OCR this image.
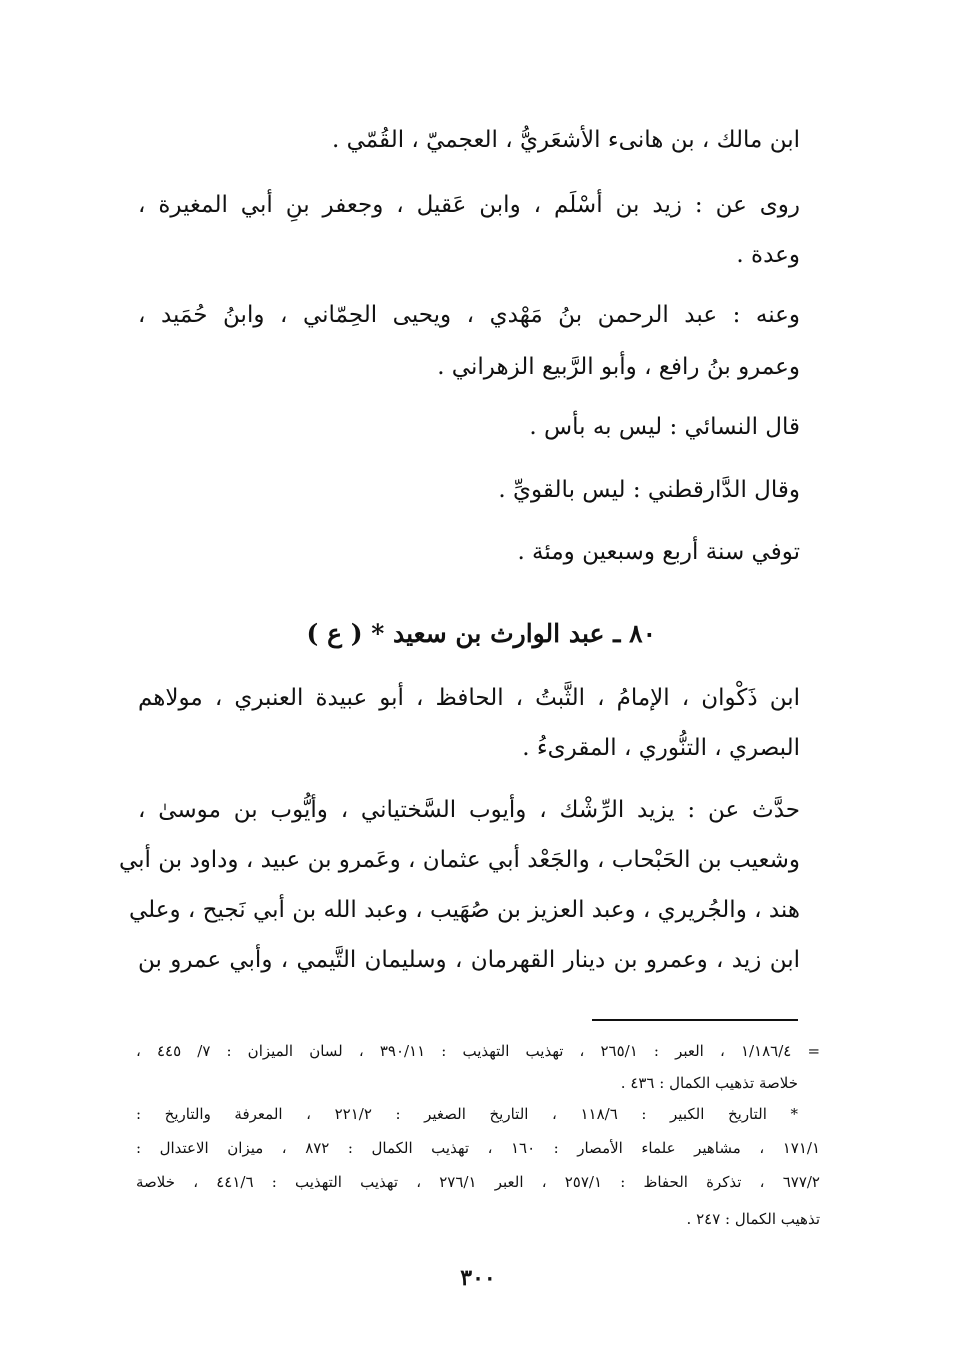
ابن مالك ، بن هانىء الأشعَريُّ ، العجميّ ، القُمّي .
روى عن : زيد بن أسْلَم ، وابن عَقيل ، وجعفر بنِ أبي المغيرة ،
وعدة .
وعنه : عبد الرحمن بنُ مَهْدي ، ويحيى الحِمّاني ، وابنُ حُمَيد ،
وعمرو بنُ رافع ، وأبو الرَّبيع الزهراني .
قال النسائي : ليس به بأس .
وقال الدَّارقطني : ليس بالقويِّ .
توفي سنة أربع وسبعين ومئة .
٨٠ ـ عبد الوارث بن سعيد * ( ع )
ابن ذَكْوان ، الإمامُ ، الثَّبتُ ، الحافظ ، أبو عبيدة العنبري ، مولاهم
البصري ، التنُّوري ، المقرىءُ .
حدَّث عن : يزيد الرِّشْك ، وأيوب السَّختياني ، وأيُّوب بن موسىٰ ،
وشعيب بن الحَبْحاب ، والجَعْد أبي عثمان ، وعَمرو بن عبيد ، وداود بن أبي
هند ، والجُريري ، وعبد العزيز بن صُهَيب ، وعبد الله بن أبي نَجيح ، وعلي
ابن زيد ، وعمرو بن دينار القهرمان ، وسليمان التَّيمي ، وأبي عمرو بن
= ١/١٨٦/٤ ، العبر : ٢٦٥/١ ، تهذيب التهذيب : ٣٩٠/١١ ، لسان الميزان : ٧/ ٤٤٥ ،
خلاصة تذهيب الكمال : ٤٣٦ .
* التاريخ الكبير : ١١٨/٦ ، التاريخ الصغير : ٢٢١/٢ ، المعرفة والتاريخ :
١٧١/١ ، مشاهير علماء الأمصار : ١٦٠ ، تهذيب الكمال : ٨٧٢ ، ميزان الاعتدال :
٦٧٧/٢ ، تذكرة الحفاظ : ٢٥٧/١ ، العبر ٢٧٦/١ ، تهذيب التهذيب : ٤٤١/٦ ، خلاصة
تذهيب الكمال : ٢٤٧ .
٣٠٠
